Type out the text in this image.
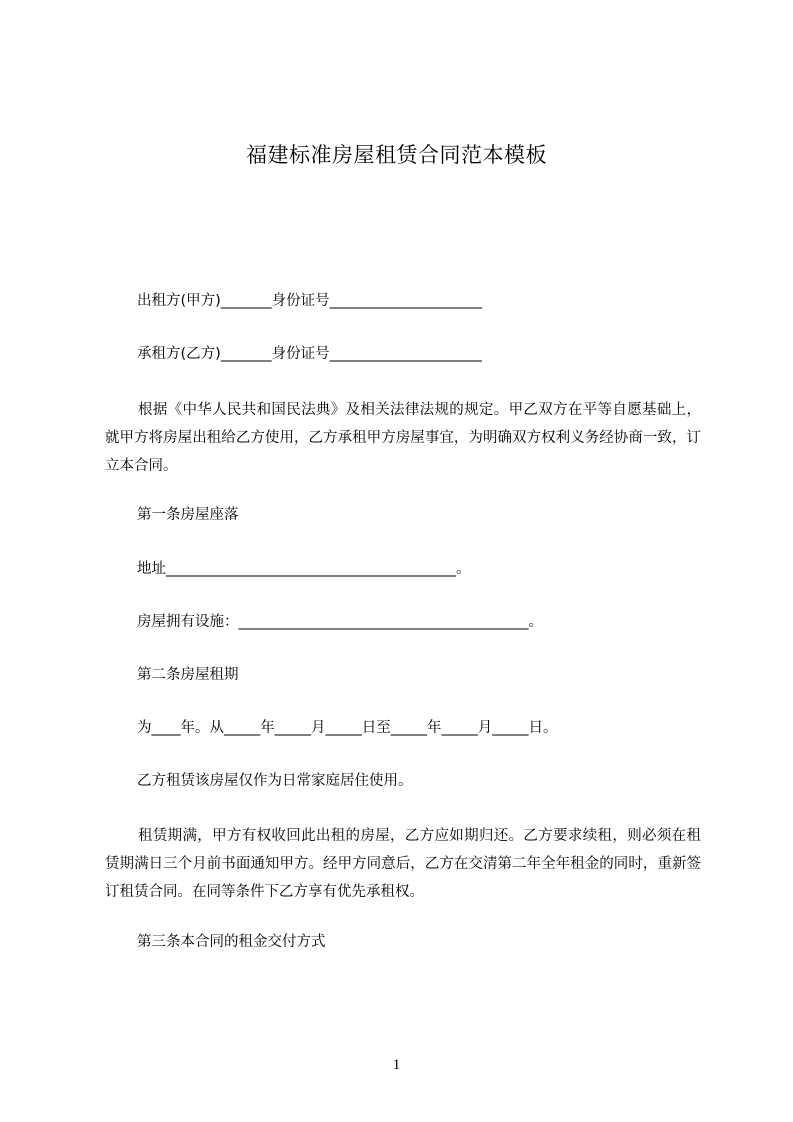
福建标准房屋租赁合同范本模板
出租方(甲方)_______身份证号_____________________
承租方(乙方)_______身份证号_____________________
根据《中华人民共和国民法典》及相关法律法规的规定。甲乙双方在平等自愿基础上，就甲方将房屋出租给乙方使用，乙方承租甲方房屋事宜，为明确双方权利义务经协商一致，订立本合同。
第一条房屋座落
地址________________________________________。
房屋拥有设施：________________________________________。
第二条房屋租期
为____年。从_____年_____月_____日至_____年_____月_____日。
乙方租赁该房屋仅作为日常家庭居住使用。
租赁期满，甲方有权收回此出租的房屋，乙方应如期归还。乙方要求续租，则必须在租赁期满日三个月前书面通知甲方。经甲方同意后，乙方在交清第二年全年租金的同时，重新签订租赁合同。在同等条件下乙方享有优先承租权。
第三条本合同的租金交付方式
1
